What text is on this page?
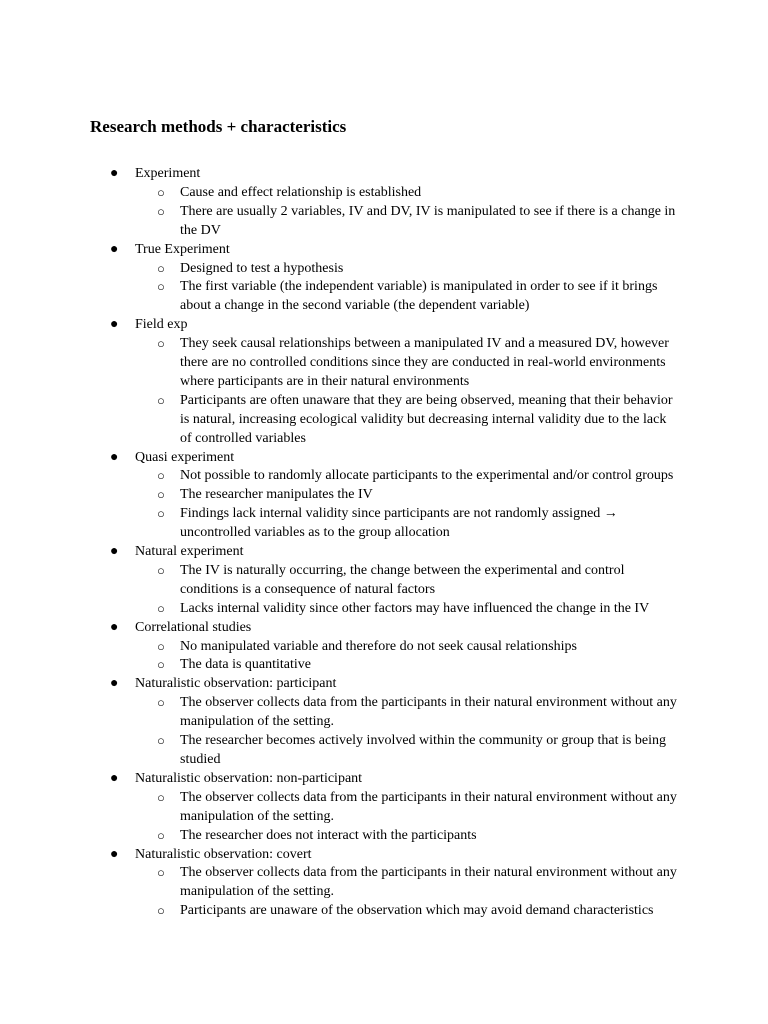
Research methods + characteristics
●	Experiment
○ Cause and effect relationship is established
○ There are usually 2 variables, IV and DV, IV is manipulated to see if there is a change in the DV
●	True Experiment
○ Designed to test a hypothesis
○ The first variable (the independent variable) is manipulated in order to see if it brings about a change in the second variable (the dependent variable)
●	Field exp
○ They seek causal relationships between a manipulated IV and a measured DV, however there are no controlled conditions since they are conducted in real-world environments where participants are in their natural environments
○ Participants are often unaware that they are being observed, meaning that their behavior is natural, increasing ecological validity but decreasing internal validity due to the lack of controlled variables
●	Quasi experiment
○ Not possible to randomly allocate participants to the experimental and/or control groups
○ The researcher manipulates the IV
○ Findings lack internal validity since participants are not randomly assigned → uncontrolled variables as to the group allocation
●	Natural experiment
○ The IV is naturally occurring, the change between the experimental and control conditions is a consequence of natural factors
○ Lacks internal validity since other factors may have influenced the change in the IV
●	Correlational studies
○ No manipulated variable and therefore do not seek causal relationships
○ The data is quantitative
●	Naturalistic observation: participant
○ The observer collects data from the participants in their natural environment without any manipulation of the setting.
○ The researcher becomes actively involved within the community or group that is being studied
●	Naturalistic observation: non-participant
○ The observer collects data from the participants in their natural environment without any manipulation of the setting.
○ The researcher does not interact with the participants
●	Naturalistic observation: covert
○ The observer collects data from the participants in their natural environment without any manipulation of the setting.
○ Participants are unaware of the observation which may avoid demand characteristics
